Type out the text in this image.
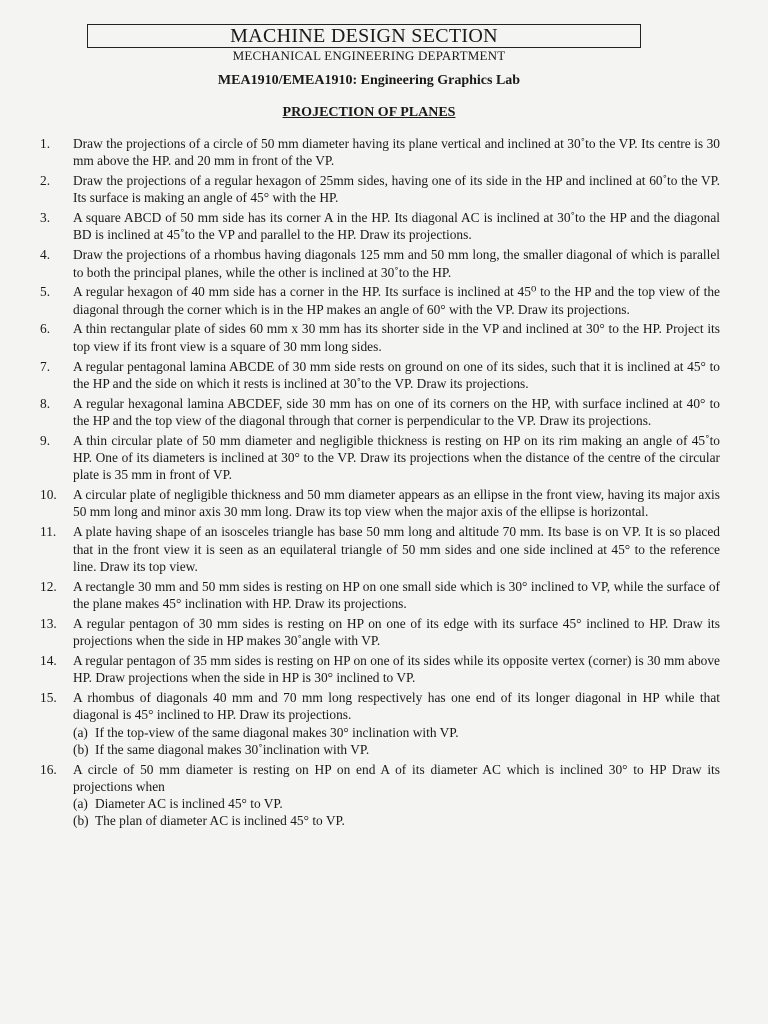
MACHINE DESIGN SECTION
MECHANICAL ENGINEERING DEPARTMENT
MEA1910/EMEA1910: Engineering Graphics Lab
PROJECTION OF PLANES
1.	Draw the projections of a circle of 50 mm diameter having its plane vertical and inclined at 30˚to the VP. Its centre is 30 mm above the HP. and 20 mm in front of the VP.
2.	Draw the projections of a regular hexagon of 25mm sides, having one of its side in the HP and inclined at 60˚to the VP. Its surface is making an angle of 45° with the HP.
3.	A square ABCD of 50 mm side has its corner A in the HP. Its diagonal AC is inclined at 30˚to the HP and the diagonal BD is inclined at 45˚to the VP and parallel to the HP. Draw its projections.
4.	Draw the projections of a rhombus having diagonals 125 mm and 50 mm long, the smaller diagonal of which is parallel to both the principal planes, while the other is inclined at 30˚to the HP.
5.	A regular hexagon of 40 mm side has a corner in the HP. Its surface is inclined at 45⁰ to the HP and the top view of the diagonal through the corner which is in the HP makes an angle of 60° with the VP. Draw its projections.
6.	A thin rectangular plate of sides 60 mm x 30 mm has its shorter side in the VP and inclined at 30° to the HP. Project its top view if its front view is a square of 30 mm long sides.
7.	A regular pentagonal lamina ABCDE of 30 mm side rests on ground on one of its sides, such that it is inclined at 45° to the HP and the side on which it rests is inclined at 30˚to the VP. Draw its projections.
8.	A regular hexagonal lamina ABCDEF, side 30 mm has on one of its corners on the HP, with surface inclined at 40° to the HP and the top view of the diagonal through that corner is perpendicular to the VP. Draw its projections.
9.	A thin circular plate of 50 mm diameter and negligible thickness is resting on HP on its rim making an angle of 45˚to HP. One of its diameters is inclined at 30° to the VP. Draw its projections when the distance of the centre of the circular plate is 35 mm in front of VP.
10.	A circular plate of negligible thickness and 50 mm diameter appears as an ellipse in the front view, having its major axis 50 mm long and minor axis 30 mm long. Draw its top view when the major axis of the ellipse is horizontal.
11.	A plate having shape of an isosceles triangle has base 50 mm long and altitude 70 mm. Its base is on VP. It is so placed that in the front view it is seen as an equilateral triangle of 50 mm sides and one side inclined at 45° to the reference line. Draw its top view.
12.	A rectangle 30 mm and 50 mm sides is resting on HP on one small side which is 30° inclined to VP, while the surface of the plane makes 45° inclination with HP. Draw its projections.
13.	A regular pentagon of 30 mm sides is resting on HP on one of its edge with its surface 45° inclined to HP. Draw its projections when the side in HP makes 30˚angle with VP.
14.	A regular pentagon of 35 mm sides is resting on HP on one of its sides while its opposite vertex (corner) is 30 mm above HP. Draw projections when the side in HP is 30° inclined to VP.
15.	A rhombus of diagonals 40 mm and 70 mm long respectively has one end of its longer diagonal in HP while that diagonal is 45° inclined to HP. Draw its projections.
(a) If the top-view of the same diagonal makes 30° inclination with VP.
(b) If the same diagonal makes 30˚inclination with VP.
16.	A circle of 50 mm diameter is resting on HP on end A of its diameter AC which is inclined 30° to HP Draw its projections when
(a) Diameter AC is inclined 45° to VP.
(b) The plan of diameter AC is inclined 45° to VP.
